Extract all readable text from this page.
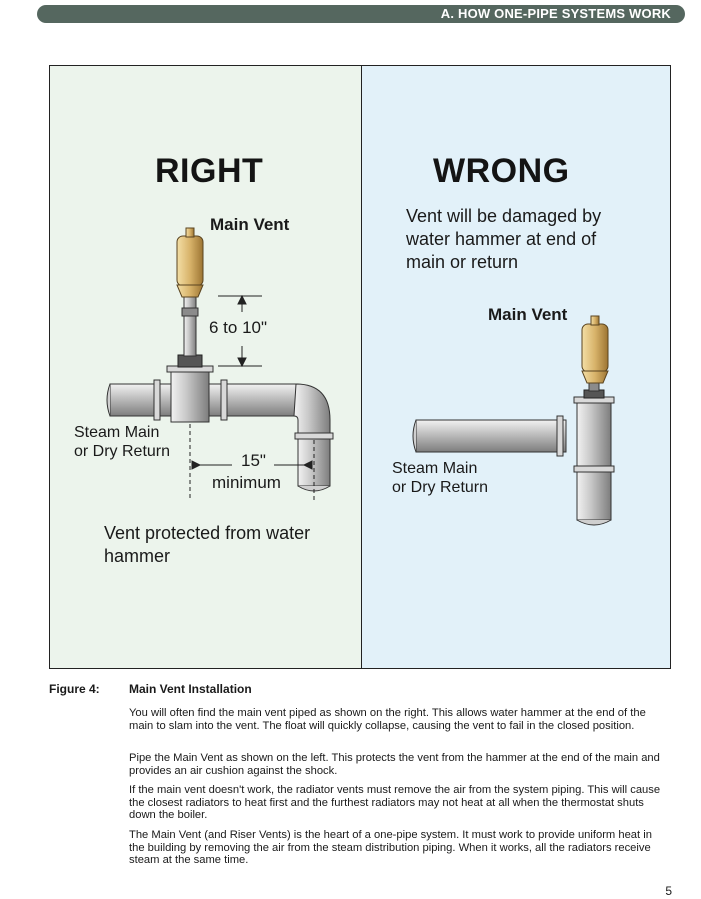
A. HOW ONE-PIPE SYSTEMS WORK
RIGHT
Main Vent
6 to 10"
Steam Main
or Dry Return	15"
minimum
Vent protected from water
hammer
WRONG
Vent will be damaged by
water hammer at end of
main or return
Main Vent
Steam Main
or Dry Return
Figure 4: Main Vent Installation
You will often find the main vent piped as shown on the right. This allows water hammer at the end of the main to slam into the vent. The float will quickly collapse, causing the vent to fail in the closed position.
Pipe the Main Vent as shown on the left. This protects the vent from the hammer at the end of the main and provides an air cushion against the shock.
If the main vent doesn't work, the radiator vents must remove the air from the system piping. This will cause the closest radiators to heat first and the furthest radiators may not heat at all when the thermostat shuts down the boiler.
The Main Vent (and Riser Vents) is the heart of a one-pipe system. It must work to provide uniform heat in the building by removing the air from the steam distribution piping. When it works, all the radiators receive steam at the same time.
5
